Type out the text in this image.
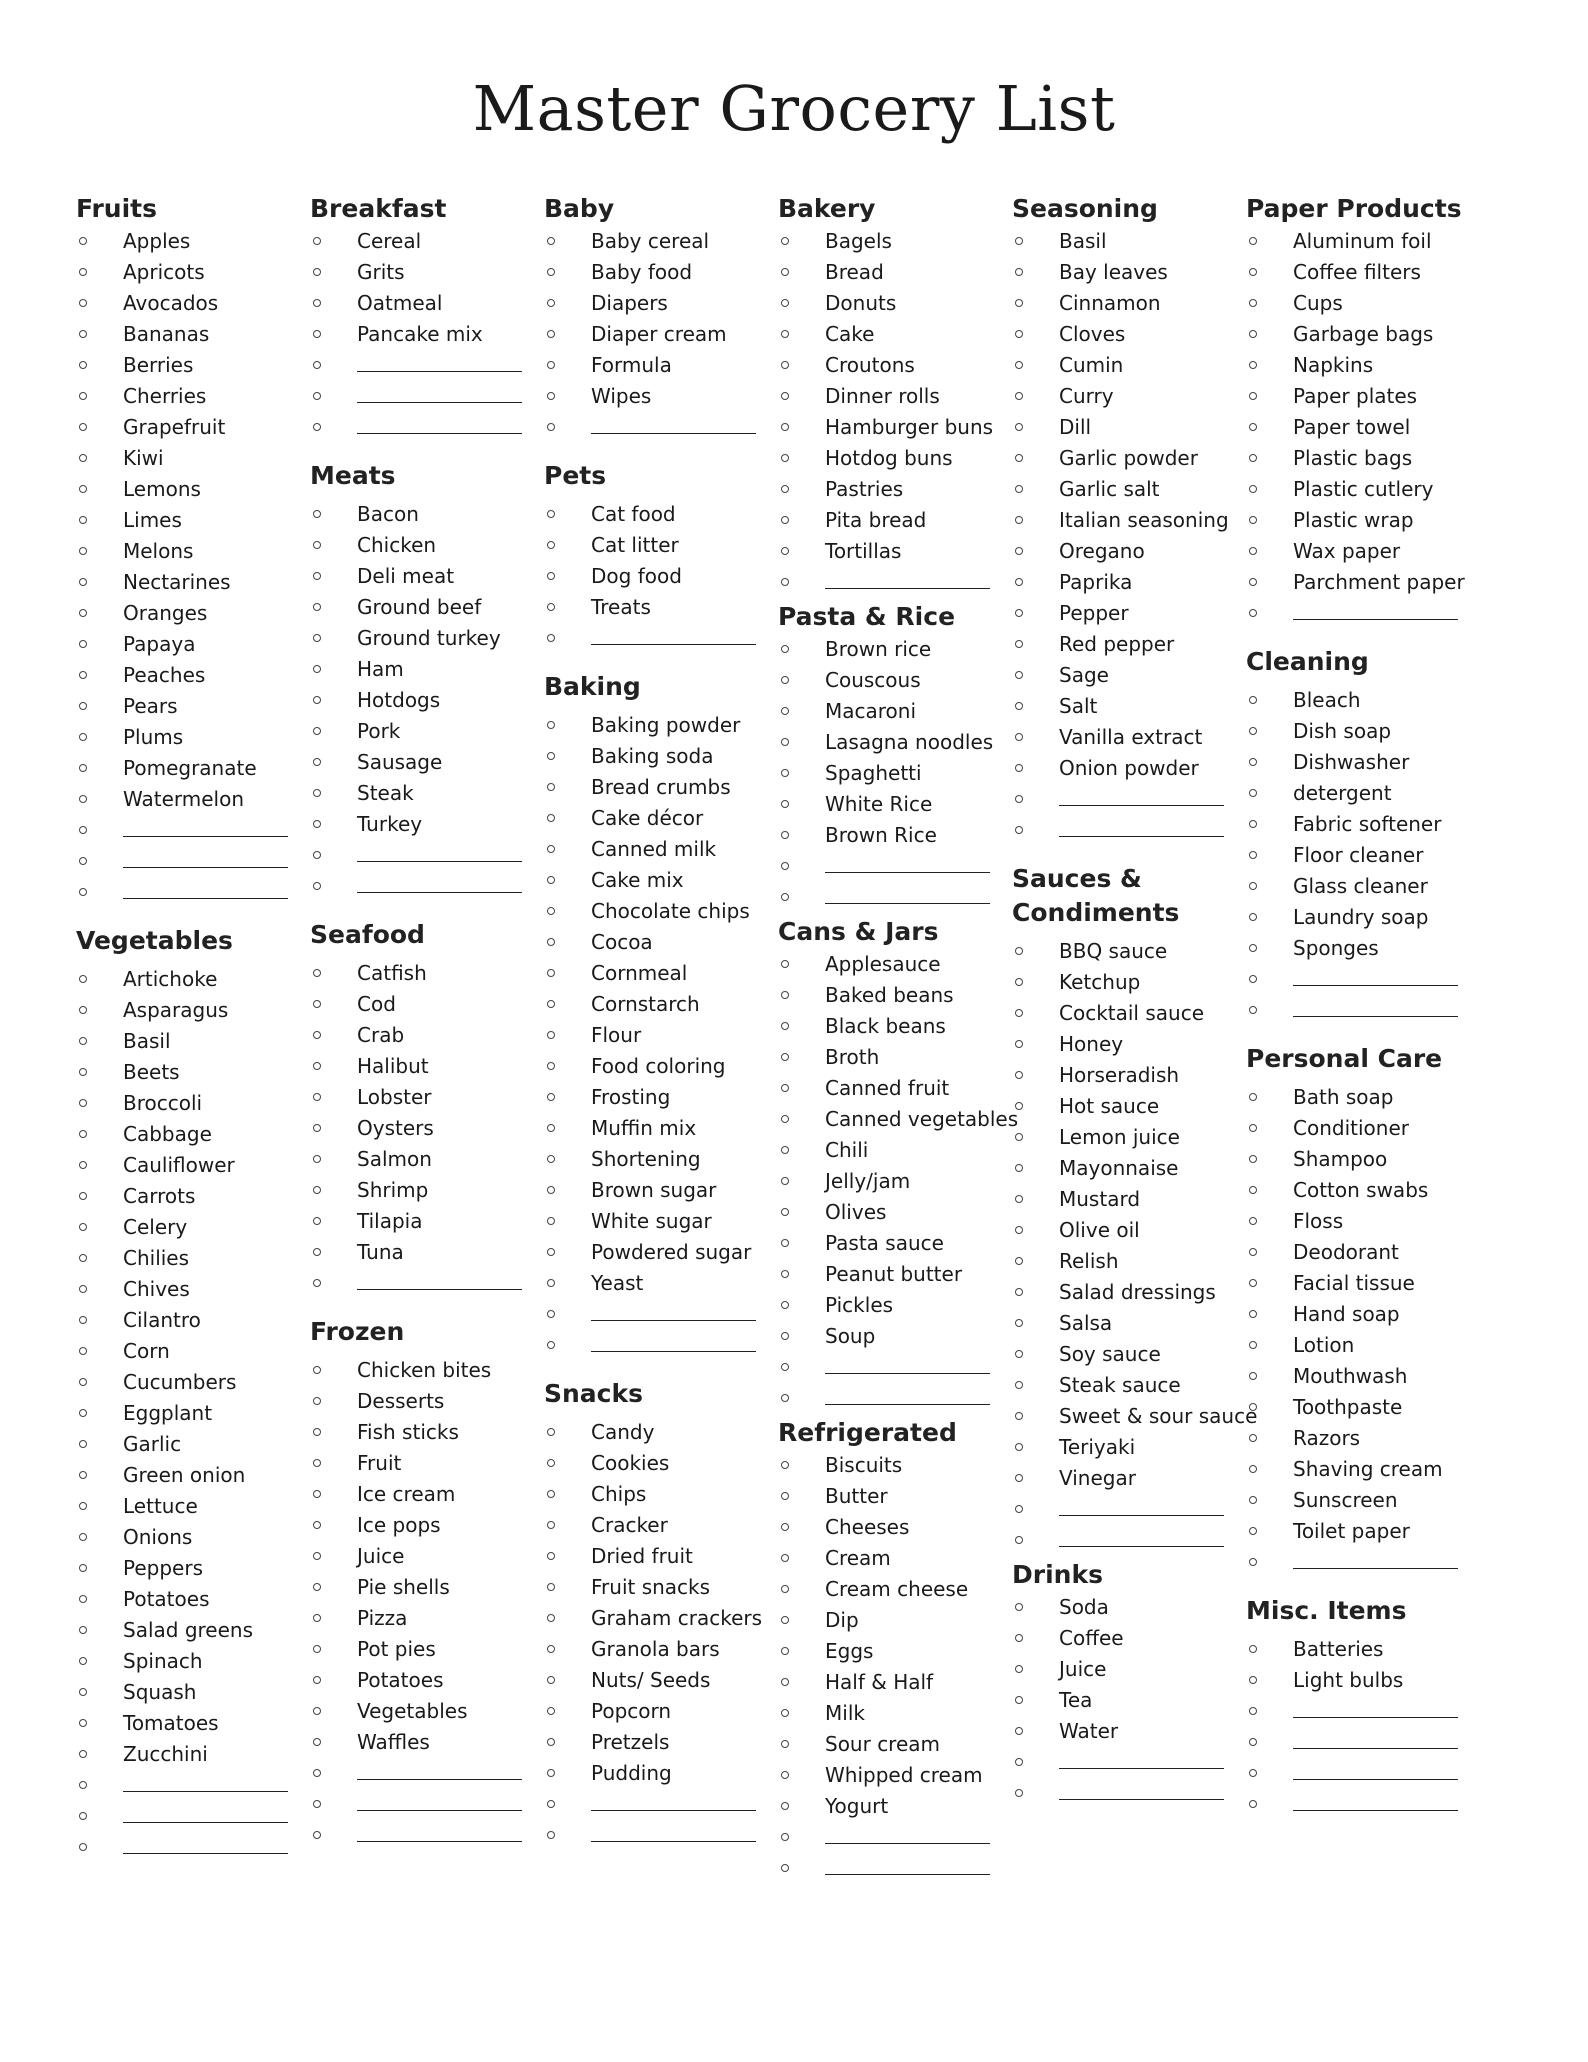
Master Grocery List
Fruits
Apples
Apricots
Avocados
Bananas
Berries
Cherries
Grapefruit
Kiwi
Lemons
Limes
Melons
Nectarines
Oranges
Papaya
Peaches
Pears
Plums
Pomegranate
Watermelon
Vegetables
Artichoke
Asparagus
Basil
Beets
Broccoli
Cabbage
Cauliflower
Carrots
Celery
Chilies
Chives
Cilantro
Corn
Cucumbers
Eggplant
Garlic
Green onion
Lettuce
Onions
Peppers
Potatoes
Salad greens
Spinach
Squash
Tomatoes
Zucchini
Breakfast
Cereal
Grits
Oatmeal
Pancake mix
Meats
Bacon
Chicken
Deli meat
Ground beef
Ground turkey
Ham
Hotdogs
Pork
Sausage
Steak
Turkey
Seafood
Catfish
Cod
Crab
Halibut
Lobster
Oysters
Salmon
Shrimp
Tilapia
Tuna
Frozen
Chicken bites
Desserts
Fish sticks
Fruit
Ice cream
Ice pops
Juice
Pie shells
Pizza
Pot pies
Potatoes
Vegetables
Waffles
Baby
Baby cereal
Baby food
Diapers
Diaper cream
Formula
Wipes
Pets
Cat food
Cat litter
Dog food
Treats
Baking
Baking powder
Baking soda
Bread crumbs
Cake décor
Canned milk
Cake mix
Chocolate chips
Cocoa
Cornmeal
Cornstarch
Flour
Food coloring
Frosting
Muffin mix
Shortening
Brown sugar
White sugar
Powdered sugar
Yeast
Snacks
Candy
Cookies
Chips
Cracker
Dried fruit
Fruit snacks
Graham crackers
Granola bars
Nuts/ Seeds
Popcorn
Pretzels
Pudding
Bakery
Bagels
Bread
Donuts
Cake
Croutons
Dinner rolls
Hamburger buns
Hotdog buns
Pastries
Pita bread
Tortillas
Pasta & Rice
Brown rice
Couscous
Macaroni
Lasagna noodles
Spaghetti
White Rice
Brown Rice
Cans & Jars
Applesauce
Baked beans
Black beans
Broth
Canned fruit
Canned vegetables
Chili
Jelly/jam
Olives
Pasta sauce
Peanut butter
Pickles
Soup
Refrigerated
Biscuits
Butter
Cheeses
Cream
Cream cheese
Dip
Eggs
Half & Half
Milk
Sour cream
Whipped cream
Yogurt
Seasoning
Basil
Bay leaves
Cinnamon
Cloves
Cumin
Curry
Dill
Garlic powder
Garlic salt
Italian seasoning
Oregano
Paprika
Pepper
Red pepper
Sage
Salt
Vanilla extract
Onion powder
Sauces &
Condiments
BBQ sauce
Ketchup
Cocktail sauce
Honey
Horseradish
Hot sauce
Lemon juice
Mayonnaise
Mustard
Olive oil
Relish
Salad dressings
Salsa
Soy sauce
Steak sauce
Sweet & sour sauce
Teriyaki
Vinegar
Drinks
Soda
Coffee
Juice
Tea
Water
Paper Products
Aluminum foil
Coffee filters
Cups
Garbage bags
Napkins
Paper plates
Paper towel
Plastic bags
Plastic cutlery
Plastic wrap
Wax paper
Parchment paper
Cleaning
Bleach
Dish soap
Dishwasher
detergent
Fabric softener
Floor cleaner
Glass cleaner
Laundry soap
Sponges
Personal Care
Bath soap
Conditioner
Shampoo
Cotton swabs
Floss
Deodorant
Facial tissue
Hand soap
Lotion
Mouthwash
Toothpaste
Razors
Shaving cream
Sunscreen
Toilet paper
Misc. Items
Batteries
Light bulbs
